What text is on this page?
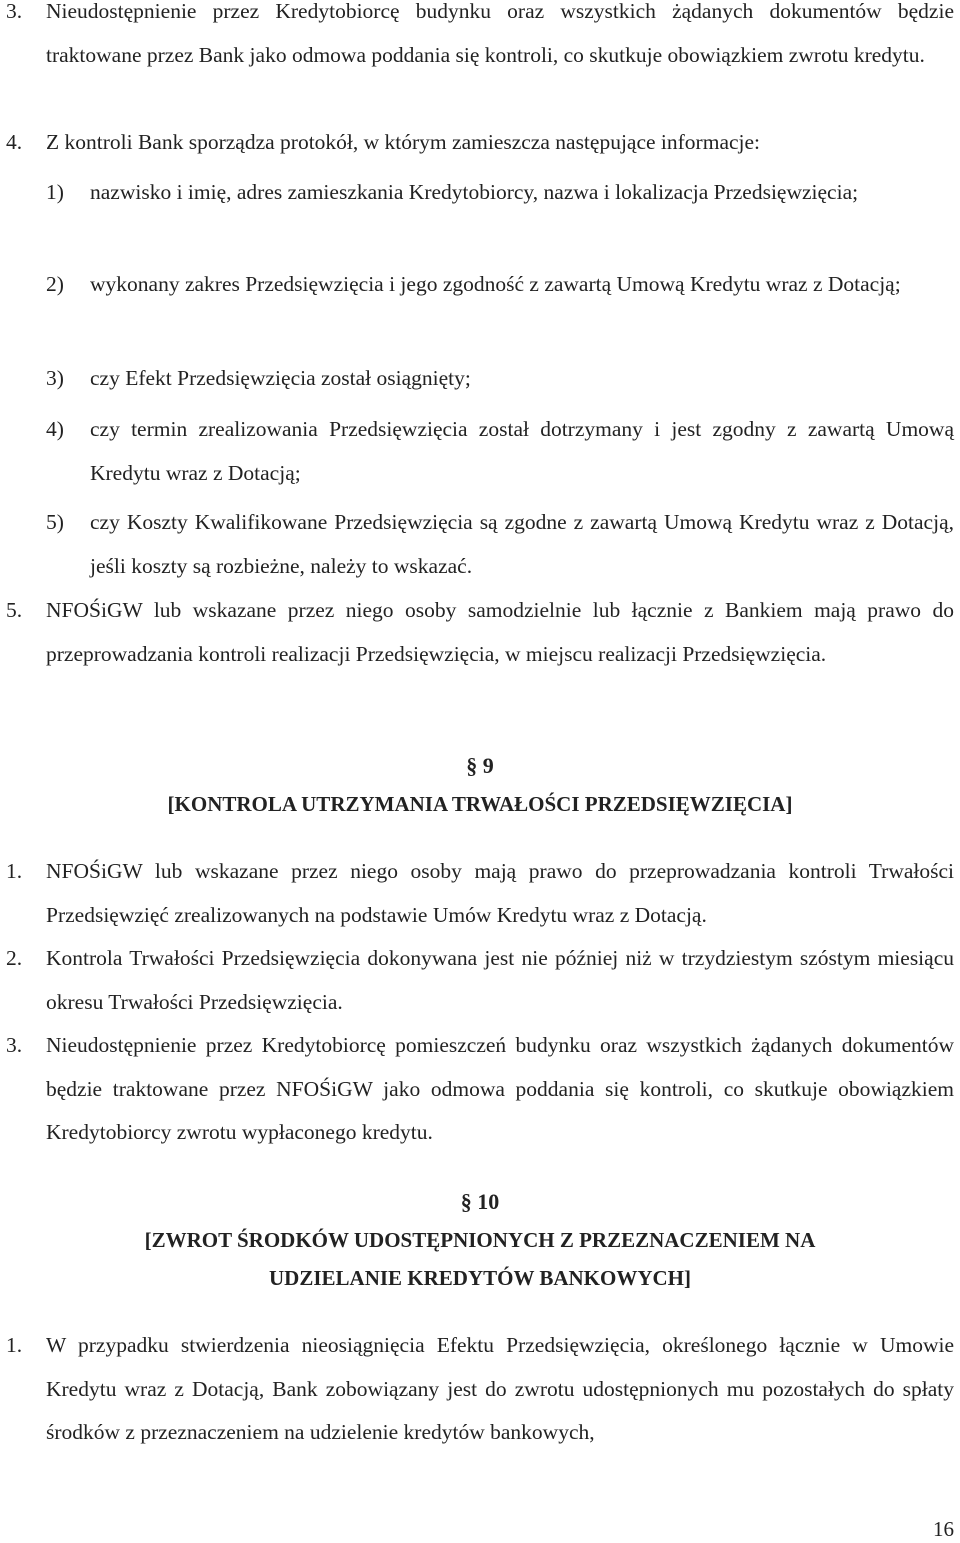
3.	Nieudostępnienie przez Kredytobiorcę budynku oraz wszystkich żądanych dokumentów będzie traktowane przez Bank jako odmowa poddania się kontroli, co skutkuje obowiązkiem zwrotu kredytu.
4.	Z kontroli Bank sporządza protokół, w którym zamieszcza następujące informacje:
1)	nazwisko i imię, adres zamieszkania Kredytobiorcy, nazwa i lokalizacja Przedsięwzięcia;
2)	wykonany zakres Przedsięwzięcia i jego zgodność z zawartą Umową Kredytu wraz z Dotacją;
3)	czy Efekt Przedsięwzięcia został osiągnięty;
4)	czy termin zrealizowania Przedsięwzięcia został dotrzymany i jest zgodny z zawartą Umową Kredytu wraz z Dotacją;
5)	czy Koszty Kwalifikowane Przedsięwzięcia są zgodne z zawartą Umową Kredytu wraz z Dotacją, jeśli koszty są rozbieżne, należy to wskazać.
5.	NFOŚiGW lub wskazane przez niego osoby samodzielnie lub łącznie z Bankiem mają prawo do przeprowadzania kontroli realizacji Przedsięwzięcia, w miejscu realizacji Przedsięwzięcia.
§ 9
[KONTROLA UTRZYMANIA TRWAŁOŚCI PRZEDSIĘWZIĘCIA]
1.	NFOŚiGW lub wskazane przez niego osoby mają prawo do przeprowadzania kontroli Trwałości Przedsięwzięć zrealizowanych na podstawie Umów Kredytu wraz z Dotacją.
2.	Kontrola Trwałości Przedsięwzięcia dokonywana jest nie później niż w trzydziestym szóstym miesiącu okresu Trwałości Przedsięwzięcia.
3.	Nieudostępnienie przez Kredytobiorcę pomieszczeń budynku oraz wszystkich żądanych dokumentów będzie traktowane przez NFOŚiGW jako odmowa poddania się kontroli, co skutkuje obowiązkiem Kredytobiorcy zwrotu wypłaconego kredytu.
§ 10
[ZWROT ŚRODKÓW UDOSTĘPNIONYCH Z PRZEZNACZENIEM NA
UDZIELANIE KREDYTÓW BANKOWYCH]
1.	W przypadku stwierdzenia nieosiągnięcia Efektu Przedsięwzięcia, określonego łącznie w Umowie Kredytu wraz z Dotacją, Bank zobowiązany jest do zwrotu udostępnionych mu pozostałych do spłaty środków z przeznaczeniem na udzielenie kredytów bankowych,
16
